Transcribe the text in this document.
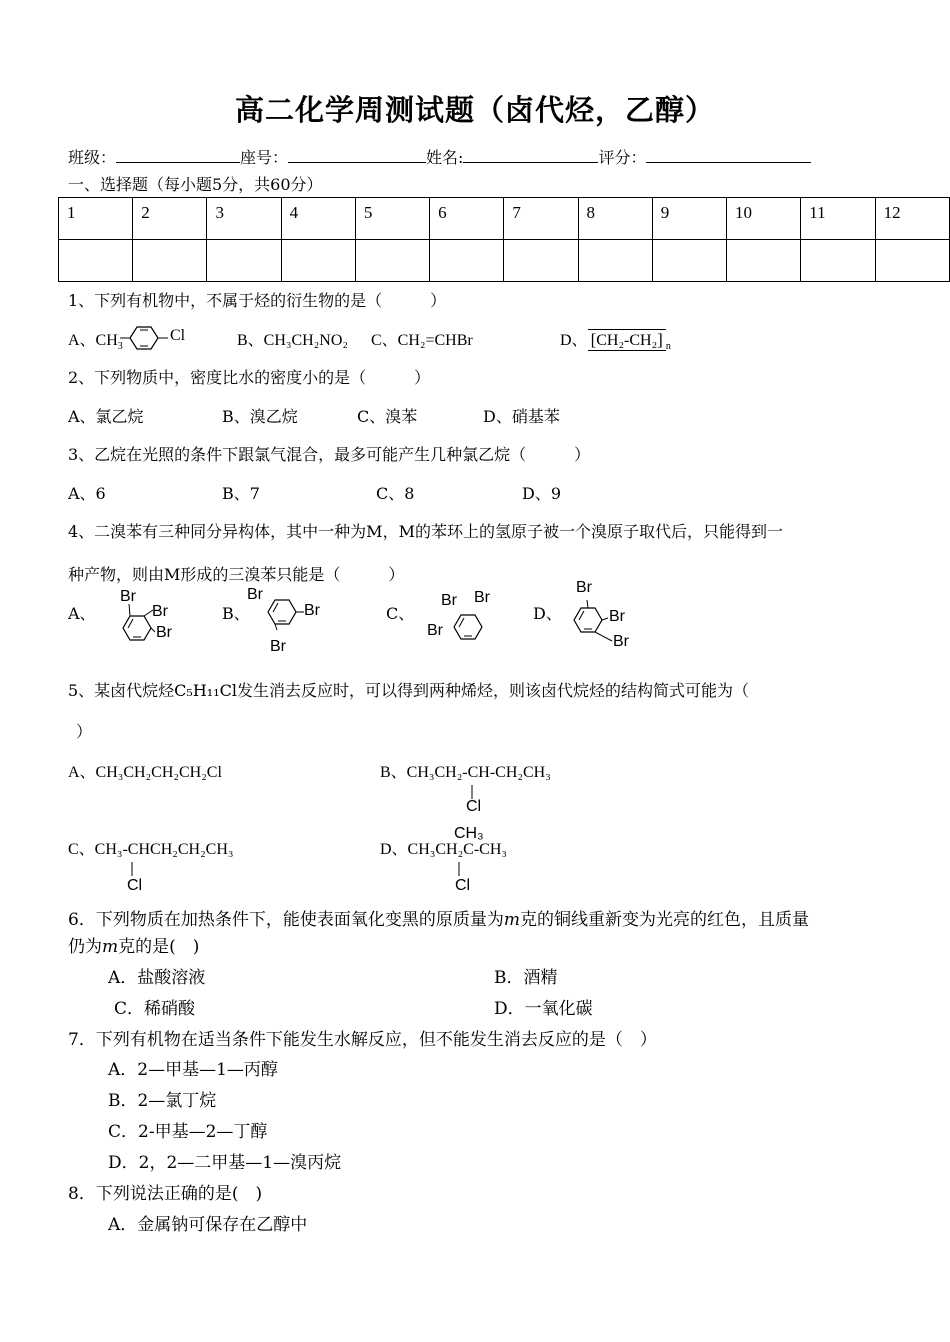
高二化学周测试题（卤代烃，乙醇）
班级：	座号：	姓名:	评分：
一、选择题（每小题5分，共60分）
1	2	3	4	5	6	7	8	9	10	11	12

1、下列有机物中，不属于烃的衍生物的是（　　　）
A、$CH_3$
Cl	B、CH₃CH₂NO₂ C、CH₂=CHBr	D、 [CH₂-CH₂] $_n$
2、下列物质中，密度比水的密度小的是（　　　）
A、氯乙烷	B、溴乙烷	C、溴苯	D、硝基苯
3、乙烷在光照的条件下跟氯气混合，最多可能产生几种氯乙烷（　　　）
A、6	B、7	C、8	D、9
4、二溴苯有三种同分异构体，其中一种为M，M的苯环上的氢原子被一个溴原子取代后，只能得到一
种产物，则由M形成的三溴苯只能是（　　　）
A、
Br
Br
Br
B、
Br
Br
Br
C、
Br Br
Br
D、
Br
Br
Br
5、某卤代烷烃C₅H₁₁Cl发生消去反应时，可以得到两种烯烃，则该卤代烷烃的结构简式可能为（
）
A、CH₃CH₂CH₂CH₂Cl	B、CH₃CH₂-CH-CH₂CH₃
Cl
C、CH₃-CHCH₂CH₂CH₃
Cl
CH₃
D、CH₃CH₂C-CH₃
Cl
6．下列物质在加热条件下，能使表面氧化变黑的原质量为m克的铜线重新变为光亮的红色，且质量
仍为m克的是(　)
A．盐酸溶液	B．酒精
C．稀硝酸	D．一氧化碳
7．下列有机物在适当条件下能发生水解反应，但不能发生消去反应的是（　）
A．2—甲基—1—丙醇
B．2—氯丁烷
C．2-甲基—2—丁醇
D．2，2—二甲基—1—溴丙烷
8．下列说法正确的是(　)
A．金属钠可保存在乙醇中
